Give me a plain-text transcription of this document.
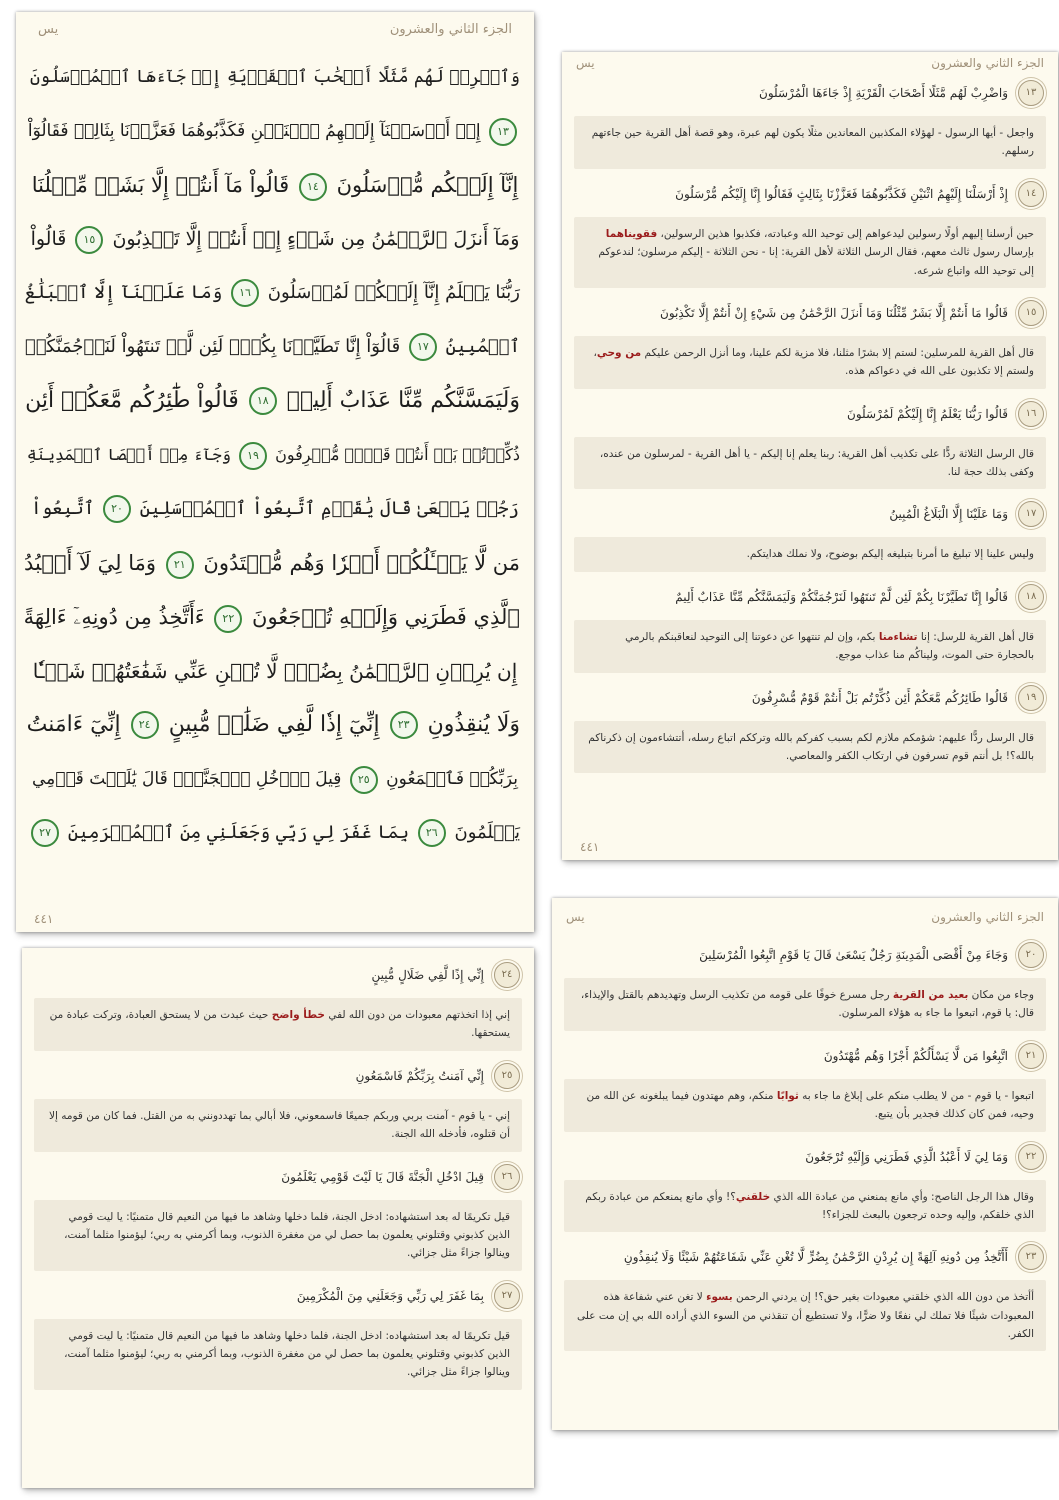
الجزء الثاني والعشرون
يس
وَٱضۡرِبۡ لَهُم مَّثَلًا أَصۡحَٰبَ ٱلۡقَرۡيَةِ إِذۡ جَآءَهَا ٱلۡمُرۡسَلُونَ
١٣ إِذۡ أَرۡسَلۡنَآ إِلَيۡهِمُ ٱثۡنَيۡنِ فَكَذَّبُوهُمَا فَعَزَّزۡنَا بِثَالِثٖ فَقَالُوٓاْ
إِنَّآ إِلَيۡكُم مُّرۡسَلُونَ ١٤ قَالُواْ مَآ أَنتُمۡ إِلَّا بَشَرٞ مِّثۡلُنَا
وَمَآ أَنزَلَ ٱلرَّحۡمَٰنُ مِن شَيۡءٍ إِنۡ أَنتُمۡ إِلَّا تَكۡذِبُونَ ١٥ قَالُواْ
رَبُّنَا يَعۡلَمُ إِنَّآ إِلَيۡكُمۡ لَمُرۡسَلُونَ ١٦ وَمَا عَلَيۡنَآ إِلَّا ٱلۡبَلَٰغُ
ٱلۡمُبِينُ ١٧ قَالُوٓاْ إِنَّا تَطَيَّرۡنَا بِكُمۡۖ لَئِن لَّمۡ تَنتَهُواْ لَنَرۡجُمَنَّكُمۡ
وَلَيَمَسَّنَّكُم مِّنَّا عَذَابٌ أَلِيمٞ ١٨ قَالُواْ طَٰٓئِرُكُم مَّعَكُمۡ أَئِن
ذُكِّرۡتُمۚ بَلۡ أَنتُمۡ قَوۡمٞ مُّسۡرِفُونَ ١٩ وَجَآءَ مِنۡ أَقۡصَا ٱلۡمَدِينَةِ
رَجُلٞ يَسۡعَىٰ قَالَ يَٰقَوۡمِ ٱتَّبِعُواْ ٱلۡمُرۡسَلِينَ ٢٠ ٱتَّبِعُواْ
مَن لَّا يَسۡـَٔلُكُمۡ أَجۡرٗا وَهُم مُّهۡتَدُونَ ٢١ وَمَا لِيَ لَآ أَعۡبُدُ
ٱلَّذِي فَطَرَنِي وَإِلَيۡهِ تُرۡجَعُونَ ٢٢ ءَأَتَّخِذُ مِن دُونِهِۦٓ ءَالِهَةً
إِن يُرِدۡنِ ٱلرَّحۡمَٰنُ بِضُرّٖ لَّا تُغۡنِ عَنِّي شَفَٰعَتُهُمۡ شَيۡـٔٗا
وَلَا يُنقِذُونِ ٢٣ إِنِّيٓ إِذٗا لَّفِي ضَلَٰلٖ مُّبِينٍ ٢٤ إِنِّيٓ ءَامَنتُ
بِرَبِّكُمۡ فَٱسۡمَعُونِ ٢٥ قِيلَ ٱدۡخُلِ ٱلۡجَنَّةَۖ قَالَ يَٰلَيۡتَ قَوۡمِي
يَعۡلَمُونَ ٢٦ بِمَا غَفَرَ لِي رَبِّي وَجَعَلَنِي مِنَ ٱلۡمُكۡرَمِينَ ٢٧
٤٤١
الجزء الثاني والعشرون
يس
١٣
وَاضْرِبْ لَهُم مَّثَلًا أَصْحَابَ الْقَرْيَةِ إِذْ جَاءَهَا الْمُرْسَلُونَ
واجعل - أيها الرسول - لهؤلاء المكذبين المعاندين مثلًا يكون لهم عبرة، وهو قصة أهل القرية حين جاءتهم رسلهم.
١٤
إِذْ أَرْسَلْنَا إِلَيْهِمُ اثْنَيْنِ فَكَذَّبُوهُمَا فَعَزَّزْنَا بِثَالِثٍ فَقَالُوا إِنَّا إِلَيْكُم مُّرْسَلُونَ
حين أرسلنا إليهم أولًا رسولين ليدعواهم إلى توحيد الله وعبادته، فكذبوا هذين الرسولين، فقويناهما بإرسال رسول ثالث معهم، فقال الرسل الثلاثة لأهل القرية: إنا - نحن الثلاثة - إليكم مرسلون؛ لندعوكم إلى توحيد الله واتباع شرعه.
١٥
قَالُوا مَا أَنتُمْ إِلَّا بَشَرٌ مِّثْلُنَا وَمَا أَنزَلَ الرَّحْمَٰنُ مِن شَيْءٍ إِنْ أَنتُمْ إِلَّا تَكْذِبُونَ
قال أهل القرية للمرسلين: لستم إلا بشرًا مثلنا، فلا مزية لكم علينا، وما أنزل الرحمن عليكم من وحي، ولستم إلا تكذبون على الله في دعواكم هذه.
١٦
قَالُوا رَبُّنَا يَعْلَمُ إِنَّا إِلَيْكُمْ لَمُرْسَلُونَ
قال الرسل الثلاثة ردًّا على تكذيب أهل القرية: ربنا يعلم إنا إليكم - يا أهل القرية - لمرسلون من عنده، وكفى بذلك حجة لنا.
١٧
وَمَا عَلَيْنَا إِلَّا الْبَلَاغُ الْمُبِينُ
وليس علينا إلا تبليغ ما أمرنا بتبليغه إليكم بوضوح، ولا نملك هدايتكم.
١٨
قَالُوا إِنَّا تَطَيَّرْنَا بِكُمْ لَئِن لَّمْ تَنتَهُوا لَنَرْجُمَنَّكُمْ وَلَيَمَسَّنَّكُم مِّنَّا عَذَابٌ أَلِيمٌ
قال أهل القرية للرسل: إنا تشاءمنا بكم، وإن لم تنتهوا عن دعوتنا إلى التوحيد لنعاقبنكم بالرمي بالحجارة حتى الموت، وليناكُم منا عذاب موجع.
١٩
قَالُوا طَائِرُكُم مَّعَكُمْ أَئِن ذُكِّرْتُم بَلْ أَنتُمْ قَوْمٌ مُّسْرِفُونَ
قال الرسل ردًّا عليهم: شؤمكم ملازم لكم بسبب كفركم بالله وترككم اتباع رسله، أتتشاءمون إن ذكرناكم بالله؟! بل أنتم قوم تسرفون في ارتكاب الكفر والمعاصي.
٤٤١
الجزء الثاني والعشرون
يس
٢٠
وَجَاءَ مِنْ أَقْصَى الْمَدِينَةِ رَجُلٌ يَسْعَىٰ قَالَ يَا قَوْمِ اتَّبِعُوا الْمُرْسَلِينَ
وجاء من مكان بعيد من القرية رجل مسرع خوفًا على قومه من تكذيب الرسل وتهديدهم بالقتل والإيذاء، قال: يا قوم، اتبعوا ما جاء به هؤلاء المرسلون.
٢١
اتَّبِعُوا مَن لَّا يَسْأَلُكُمْ أَجْرًا وَهُم مُّهْتَدُونَ
اتبعوا - يا قوم - من لا يطلب منكم على إبلاغ ما جاء به ثوابًا منكم، وهم مهتدون فيما يبلغونه عن الله من وحيه، فمن كان كذلك فجدير بأن يتبع.
٢٢
وَمَا لِيَ لَا أَعْبُدُ الَّذِي فَطَرَنِي وَإِلَيْهِ تُرْجَعُونَ
وقال هذا الرجل الناصح: وأي مانع يمنعني من عبادة الله الذي خلقني؟! وأي مانع يمنعكم من عبادة ربكم الذي خلقكم، وإليه وحده ترجعون بالبعث للجزاء؟!
٢٣
أَأَتَّخِذُ مِن دُونِهِ آلِهَةً إِن يُرِدْنِ الرَّحْمَٰنُ بِضُرٍّ لَّا تُغْنِ عَنِّي شَفَاعَتُهُمْ شَيْئًا وَلَا يُنقِذُونِ
أأتخذ من دون الله الذي خلقني معبودات بغير حق؟! إن يردني الرحمن بسوء لا تغن عني شفاعة هذه المعبودات شيئًا فلا تملك لي نفعًا ولا ضرًّا، ولا تستطيع أن تنقذني من السوء الذي أراده الله بي إن مت على الكفر.
٢٤
إِنِّي إِذًا لَّفِي ضَلَالٍ مُّبِينٍ
إني إذا اتخذتهم معبودات من دون الله لفي خطأ واضح حيث عبدت من لا يستحق العبادة، وتركت عبادة من يستحقها.
٢٥
إِنِّي آمَنتُ بِرَبِّكُمْ فَاسْمَعُونِ
إني - يا قوم - آمنت بربي وربكم جميعًا فاسمعوني، فلا أبالي بما تهددونني به من القتل. فما كان من قومه إلا أن قتلوه، فأدخله الله الجنة.
٢٦
قِيلَ ادْخُلِ الْجَنَّةَ قَالَ يَا لَيْتَ قَوْمِي يَعْلَمُونَ
قيل تكريمًا له بعد استشهاده: ادخل الجنة، فلما دخلها وشاهد ما فيها من النعيم قال متمنيًا: يا ليت قومي الذين كذبوني وقتلوني يعلمون بما حصل لي من مغفرة الذنوب، وبما أكرمني به ربي؛ ليؤمنوا مثلما آمنت، وينالوا جزاءً مثل جزائي.
٢٧
بِمَا غَفَرَ لِي رَبِّي وَجَعَلَنِي مِنَ الْمُكْرَمِينَ
قيل تكريمًا له بعد استشهاده: ادخل الجنة، فلما دخلها وشاهد ما فيها من النعيم قال متمنيًا: يا ليت قومي الذين كذبوني وقتلوني يعلمون بما حصل لي من مغفرة الذنوب، وبما أكرمني به ربي؛ ليؤمنوا مثلما آمنت، وينالوا جزاءً مثل جزائي.
